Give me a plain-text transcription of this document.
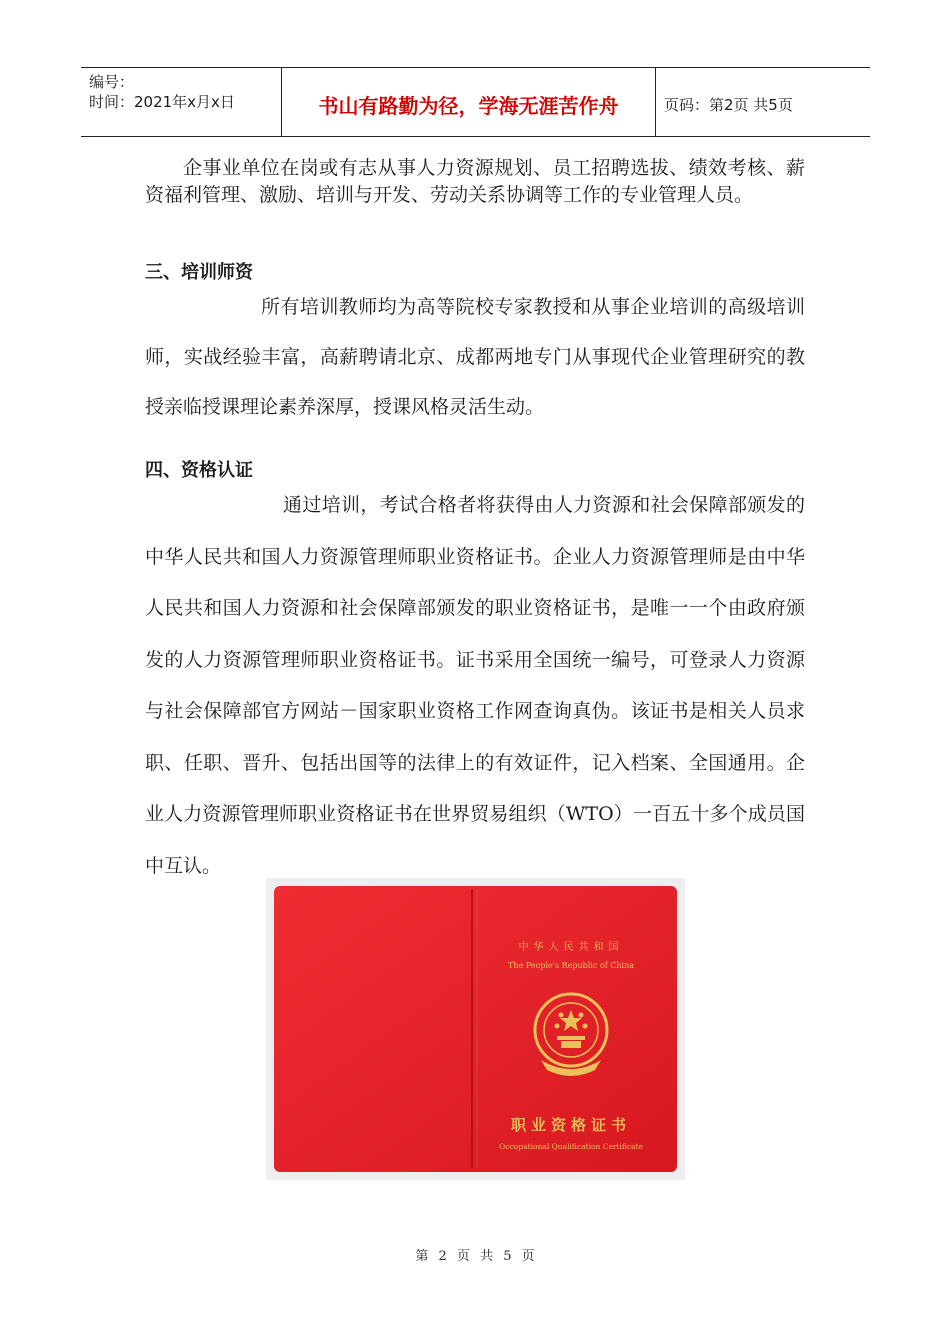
编号：
时间：2021年x月x日	书山有路勤为径，学海无涯苦作舟	页码：第2页 共5页

企事业单位在岗或有志从事人力资源规划、员工招聘选拔、绩效考核、薪资福利管理、激励、培训与开发、劳动关系协调等工作的专业管理人员。

三、培训师资

所有培训教师均为高等院校专家教授和从事企业培训的高级培训师，实战经验丰富，高薪聘请北京、成都两地专门从事现代企业管理研究的教授亲临授课理论素养深厚，授课风格灵活生动。

四、资格认证

通过培训，考试合格者将获得由人力资源和社会保障部颁发的中华人民共和国人力资源管理师职业资格证书。企业人力资源管理师是由中华人民共和国人力资源和社会保障部颁发的职业资格证书，是唯一一个由政府颁发的人力资源管理师职业资格证书。证书采用全国统一编号，可登录人力资源与社会保障部官方网站－国家职业资格工作网查询真伪。该证书是相关人员求职、任职、晋升、包括出国等的法律上的有效证件，记入档案、全国通用。企业人力资源管理师职业资格证书在世界贸易组织（WTO）一百五十多个成员国中互认。

中华人民共和国
The People's Republic of China
职业资格证书
Occupational Qualification Certificate
第 2 页 共 5 页
